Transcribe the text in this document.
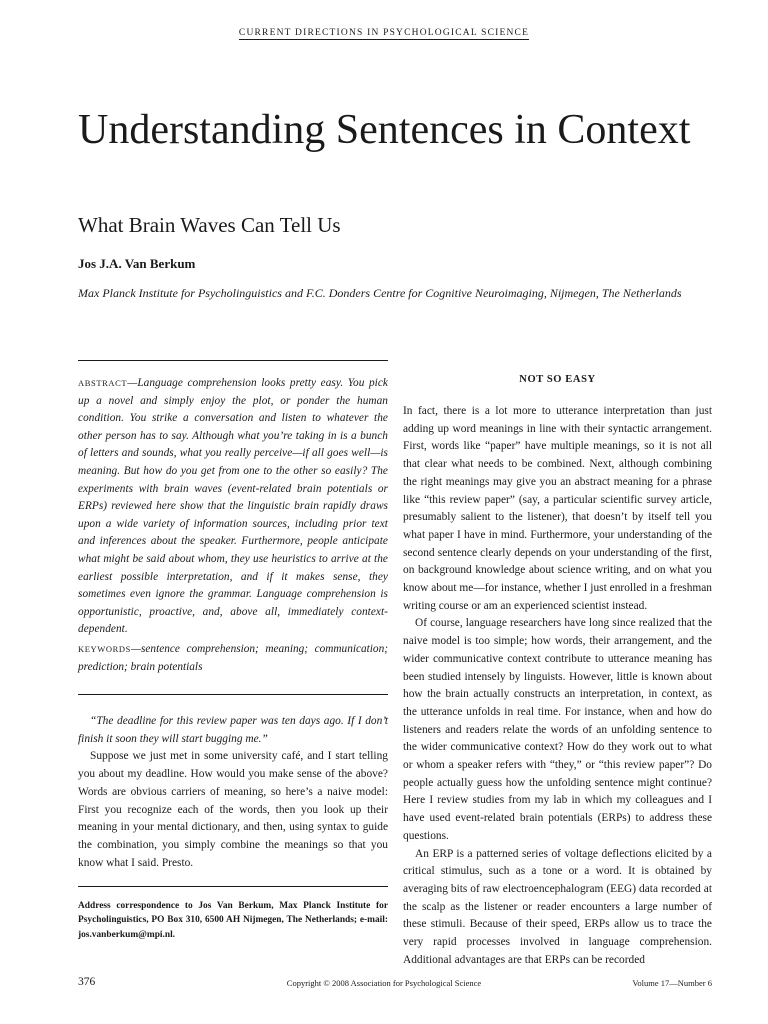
CURRENT DIRECTIONS IN PSYCHOLOGICAL SCIENCE
Understanding Sentences in Context
What Brain Waves Can Tell Us
Jos J.A. Van Berkum
Max Planck Institute for Psycholinguistics and F.C. Donders Centre for Cognitive Neuroimaging, Nijmegen, The Netherlands
ABSTRACT—Language comprehension looks pretty easy. You pick up a novel and simply enjoy the plot, or ponder the human condition. You strike a conversation and listen to whatever the other person has to say. Although what you’re taking in is a bunch of letters and sounds, what you really perceive—if all goes well—is meaning. But how do you get from one to the other so easily? The experiments with brain waves (event-related brain potentials or ERPs) reviewed here show that the linguistic brain rapidly draws upon a wide variety of information sources, including prior text and inferences about the speaker. Furthermore, people anticipate what might be said about whom, they use heuristics to arrive at the earliest possible interpretation, and if it makes sense, they sometimes even ignore the grammar. Language comprehension is opportunistic, proactive, and, above all, immediately context-dependent.
KEYWORDS—sentence comprehension; meaning; communication; prediction; brain potentials

“The deadline for this review paper was ten days ago. If I don’t finish it soon they will start bugging me.”

Suppose we just met in some university café, and I start telling you about my deadline. How would you make sense of the above? Words are obvious carriers of meaning, so here’s a naive model: First you recognize each of the words, then you look up their meaning in your mental dictionary, and then, using syntax to guide the combination, you simply combine the meanings so that you know what I said. Presto.

Address correspondence to Jos Van Berkum, Max Planck Institute for Psycholinguistics, PO Box 310, 6500 AH Nijmegen, The Netherlands; e-mail: jos.vanberkum@mpi.nl.
NOT SO EASY

In fact, there is a lot more to utterance interpretation than just adding up word meanings in line with their syntactic arrangement. First, words like “paper” have multiple meanings, so it is not all that clear what needs to be combined. Next, although combining the right meanings may give you an abstract meaning for a phrase like “this review paper” (say, a particular scientific survey article, presumably salient to the listener), that doesn’t by itself tell you what paper I have in mind. Furthermore, your understanding of the second sentence clearly depends on your understanding of the first, on background knowledge about science writing, and on what you know about me—for instance, whether I just enrolled in a freshman writing course or am an experienced scientist instead.

Of course, language researchers have long since realized that the naive model is too simple; how words, their arrangement, and the wider communicative context contribute to utterance meaning has been studied intensely by linguists. However, little is known about how the brain actually constructs an interpretation, in context, as the utterance unfolds in real time. For instance, when and how do listeners and readers relate the words of an unfolding sentence to the wider communicative context? How do they work out to what or whom a speaker refers with “they,” or “this review paper”? Do people actually guess how the unfolding sentence might continue? Here I review studies from my lab in which my colleagues and I have used event-related brain potentials (ERPs) to address these questions.

An ERP is a patterned series of voltage deflections elicited by a critical stimulus, such as a tone or a word. It is obtained by averaging bits of raw electroencephalogram (EEG) data recorded at the scalp as the listener or reader encounters a large number of these stimuli. Because of their speed, ERPs allow us to trace the very rapid processes involved in language comprehension. Additional advantages are that ERPs can be recorded

376	Copyright © 2008 Association for Psychological Science	Volume 17—Number 6
